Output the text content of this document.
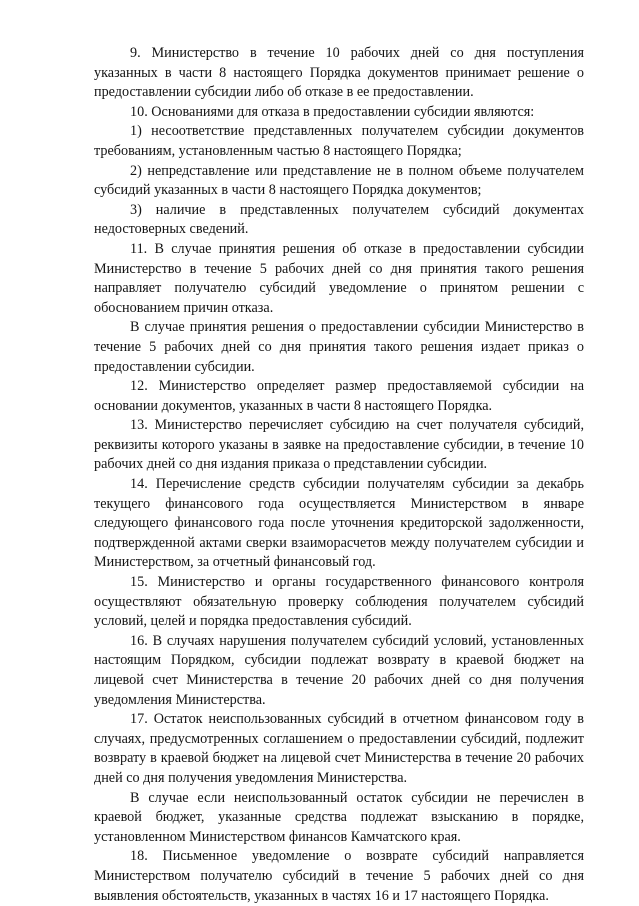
9. Министерство в течение 10 рабочих дней со дня поступления указанных в части 8 настоящего Порядка документов принимает решение о предоставлении субсидии либо об отказе в ее предоставлении.

10. Основаниями для отказа в предоставлении субсидии являются:

1) несоответствие представленных получателем субсидии документов требованиям, установленным частью 8 настоящего Порядка;

2) непредставление или представление не в полном объеме получателем субсидий указанных в части 8 настоящего Порядка документов;

3) наличие в представленных получателем субсидий документах недостоверных сведений.

11. В случае принятия решения об отказе в предоставлении субсидии Министерство в течение 5 рабочих дней со дня принятия такого решения направляет получателю субсидий уведомление о принятом решении с обоснованием причин отказа.

В случае принятия решения о предоставлении субсидии Министерство в течение 5 рабочих дней со дня принятия такого решения издает приказ о предоставлении субсидии.

12. Министерство определяет размер предоставляемой субсидии на основании документов, указанных в части 8 настоящего Порядка.

13. Министерство перечисляет субсидию на счет получателя субсидий, реквизиты которого указаны в заявке на предоставление субсидии, в течение 10 рабочих дней со дня издания приказа о представлении субсидии.

14. Перечисление средств субсидии получателям субсидии за декабрь текущего финансового года осуществляется Министерством в январе следующего финансового года после уточнения кредиторской задолженности, подтвержденной актами сверки взаиморасчетов между получателем субсидии и Министерством, за отчетный финансовый год.

15. Министерство и органы государственного финансового контроля осуществляют обязательную проверку соблюдения получателем субсидий условий, целей и порядка предоставления субсидий.

16. В случаях нарушения получателем субсидий условий, установленных настоящим Порядком, субсидии подлежат возврату в краевой бюджет на лицевой счет Министерства в течение 20 рабочих дней со дня получения уведомления Министерства.

17. Остаток неиспользованных субсидий в отчетном финансовом году в случаях, предусмотренных соглашением о предоставлении субсидий, подлежит возврату в краевой бюджет на лицевой счет Министерства в течение 20 рабочих дней со дня получения уведомления Министерства.

В случае если неиспользованный остаток субсидии не перечислен в краевой бюджет, указанные средства подлежат взысканию в порядке, установленном Министерством финансов Камчатского края.

18. Письменное уведомление о возврате субсидий направляется Министерством получателю субсидий в течение 5 рабочих дней со дня выявления обстоятельств, указанных в частях 16 и 17 настоящего Порядка.
